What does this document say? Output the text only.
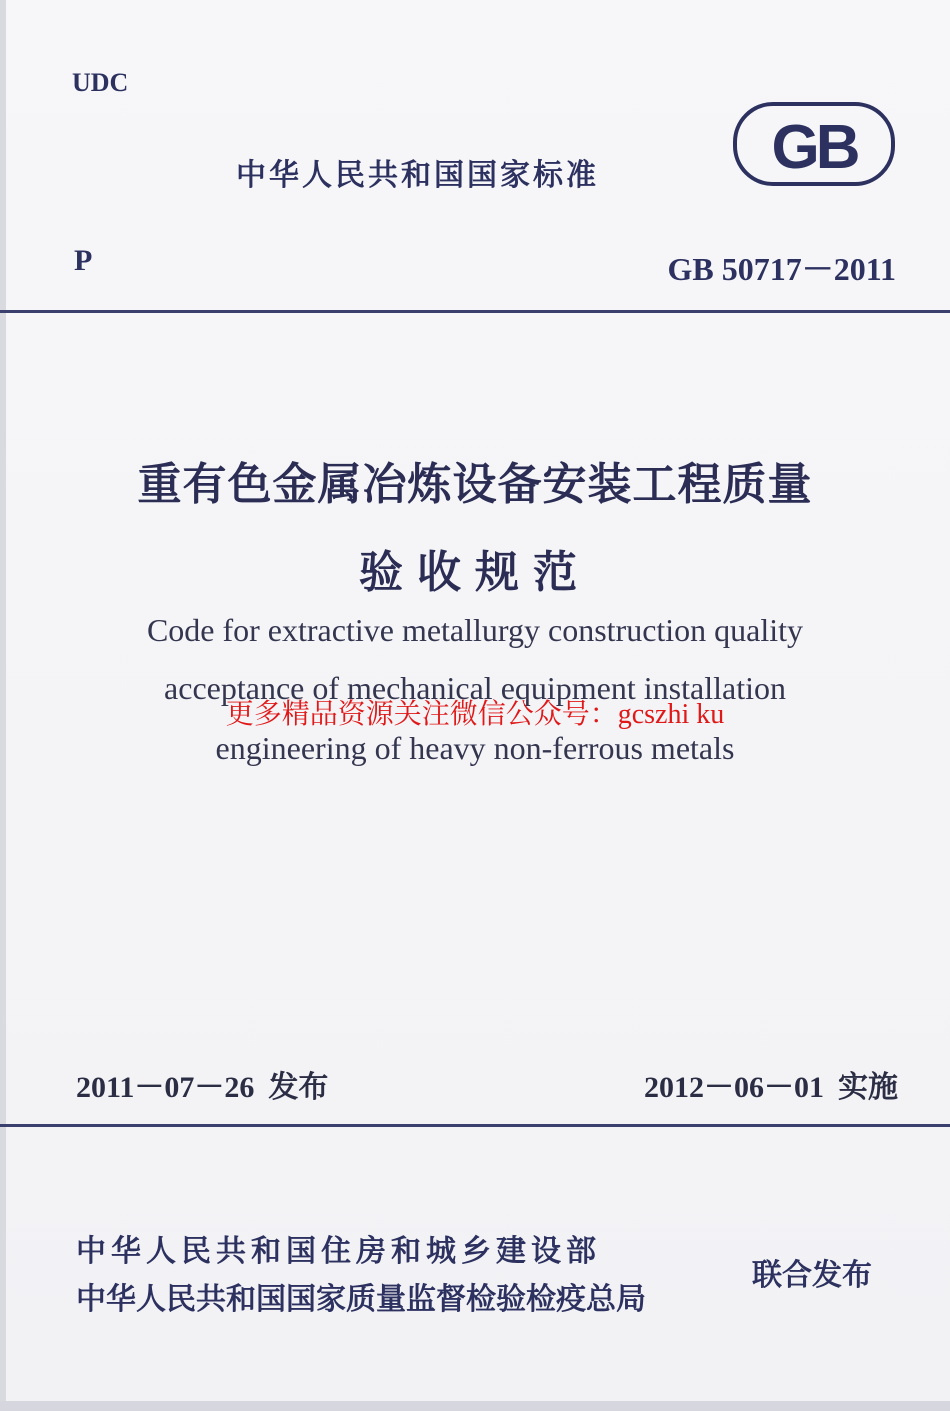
UDC
中华人民共和国国家标准	GB
P	GB 50717－2011
重有色金属冶炼设备安装工程质量
验收规范
Code for extractive metallurgy construction quality
acceptance of mechanical equipment installation
engineering of heavy non-ferrous metals
更多精品资源关注微信公众号：gcszhi ku
2011－07－26 发布	2012－06－01 实施
中华人民共和国住房和城乡建设部
中华人民共和国国家质量监督检验检疫总局
联合发布
